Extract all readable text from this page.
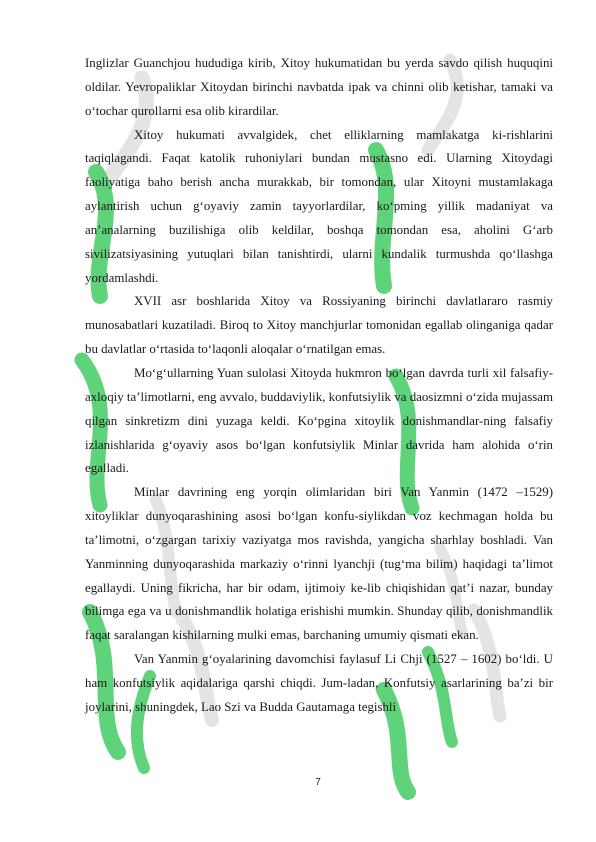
Inglizlar Guanchjou hududiga kirib, Xitoy hukumatidan bu yerda savdo qilish huquqini oldilar. Yevropaliklar Xitoydan birinchi navbatda ipak va chinni olib ketishar, tamaki va oʻtochar qurollarni esa olib kirardilar.

Xitoy hukumati avvalgidek, chet elliklarning mamlakatga ki-rishlarini taqiqlagandi. Faqat katolik ruhoniylari bundan mustasno edi. Ularning Xitoydagi faoliyatiga baho berish ancha murakkab, bir tomondan, ular Xitoyni mustamlakaga aylantirish uchun gʻoyaviy zamin tayyorlardilar, koʻpming yillik madaniyat va anʼanalarning buzilishiga olib keldilar, boshqa tomondan esa, aholini Gʻarb sivilizatsiyasining yutuqlari bilan tanishtirdi, ularni kundalik turmushda qoʻllashga yordamlashdi.

XVII asr boshlarida Xitoy va Rossiyaning birinchi davlatlararo rasmiy munosabatlari kuzatiladi. Biroq to Xitoy manchjurlar tomonidan egallab olinganiga qadar bu davlatlar oʻrtasida toʻlaqonli aloqalar oʻrnatilgan emas.

Moʻgʻullarning Yuan sulolasi Xitoyda hukmron boʻlgan davrda turli xil falsafiy-axloqiy taʼlimotlarni, eng avvalo, buddaviylik, konfutsiylik va daosizmni oʻzida mujassam qilgan sinkretizm dini yuzaga keldi. Koʻpgina xitoylik donishmandlar-ning falsafiy izlanishlarida gʻoyaviy asos boʻlgan konfutsiylik Minlar davrida ham alohida oʻrin egalladi.

Minlar davrining eng yorqin olimlaridan biri Van Yanmin (1472 –1529) xitoyliklar dunyoqarashining asosi boʻlgan konfu-siylikdan voz kechmagan holda bu taʼlimotni, oʻzgargan tarixiy vaziyatga mos ravishda, yangicha sharhlay boshladi. Van Yanminning dunyoqarashida markaziy oʻrinni lyanchji (tugʻma bilim) haqidagi taʼlimot egallaydi. Uning fikricha, har bir odam, ijtimoiy ke-lib chiqishidan qatʼi nazar, bunday bilimga ega va u donishmandlik holatiga erishishi mumkin. Shunday qilib, donishmandlik faqat saralangan kishilarning mulki emas, barchaning umumiy qismati ekan.

Van Yanmin gʻoyalarining davomchisi faylasuf Li Chji (1527 – 1602) boʻldi. U ham konfutsiylik aqidalariga qarshi chiqdi. Jum-ladan, Konfutsiy asarlarining baʼzi bir joylarini, shuningdek, Lao Szi va Budda Gautamaga tegishli

7
